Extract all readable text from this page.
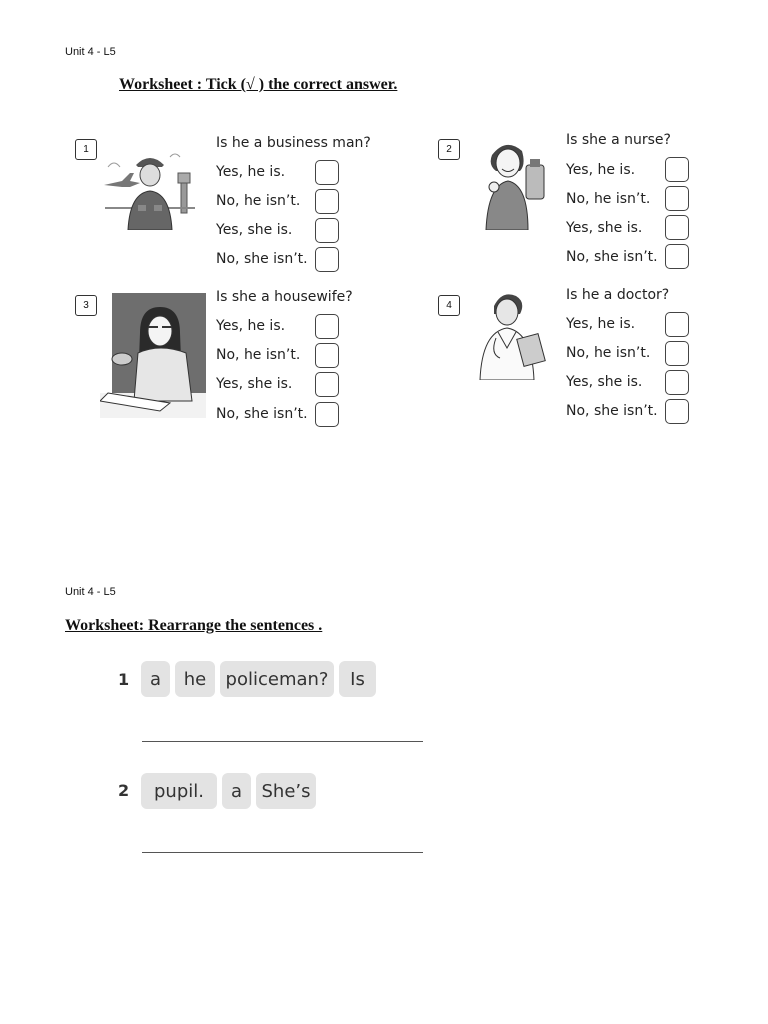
Unit 4 - L5
Worksheet : Tick (√ ) the correct answer.
1	Is he a business man?
Yes, he is.
No, he isn’t.
Yes, she is.
No, she isn’t.
2
Is she a nurse?
Yes, he is.
No, he isn’t.
Yes, she is.
No, she isn’t.
3
Is she a housewife?
Yes, he is.
No, he isn’t.
Yes, she is.
No, she isn’t.
4
Is he a doctor?
Yes, he is.
No, he isn’t.
Yes, she is.
No, she isn’t.
Unit 4 - L5
Worksheet: Rearrange the sentences .
1	a	he	policeman?	Is
2	pupil.	a	She’s
